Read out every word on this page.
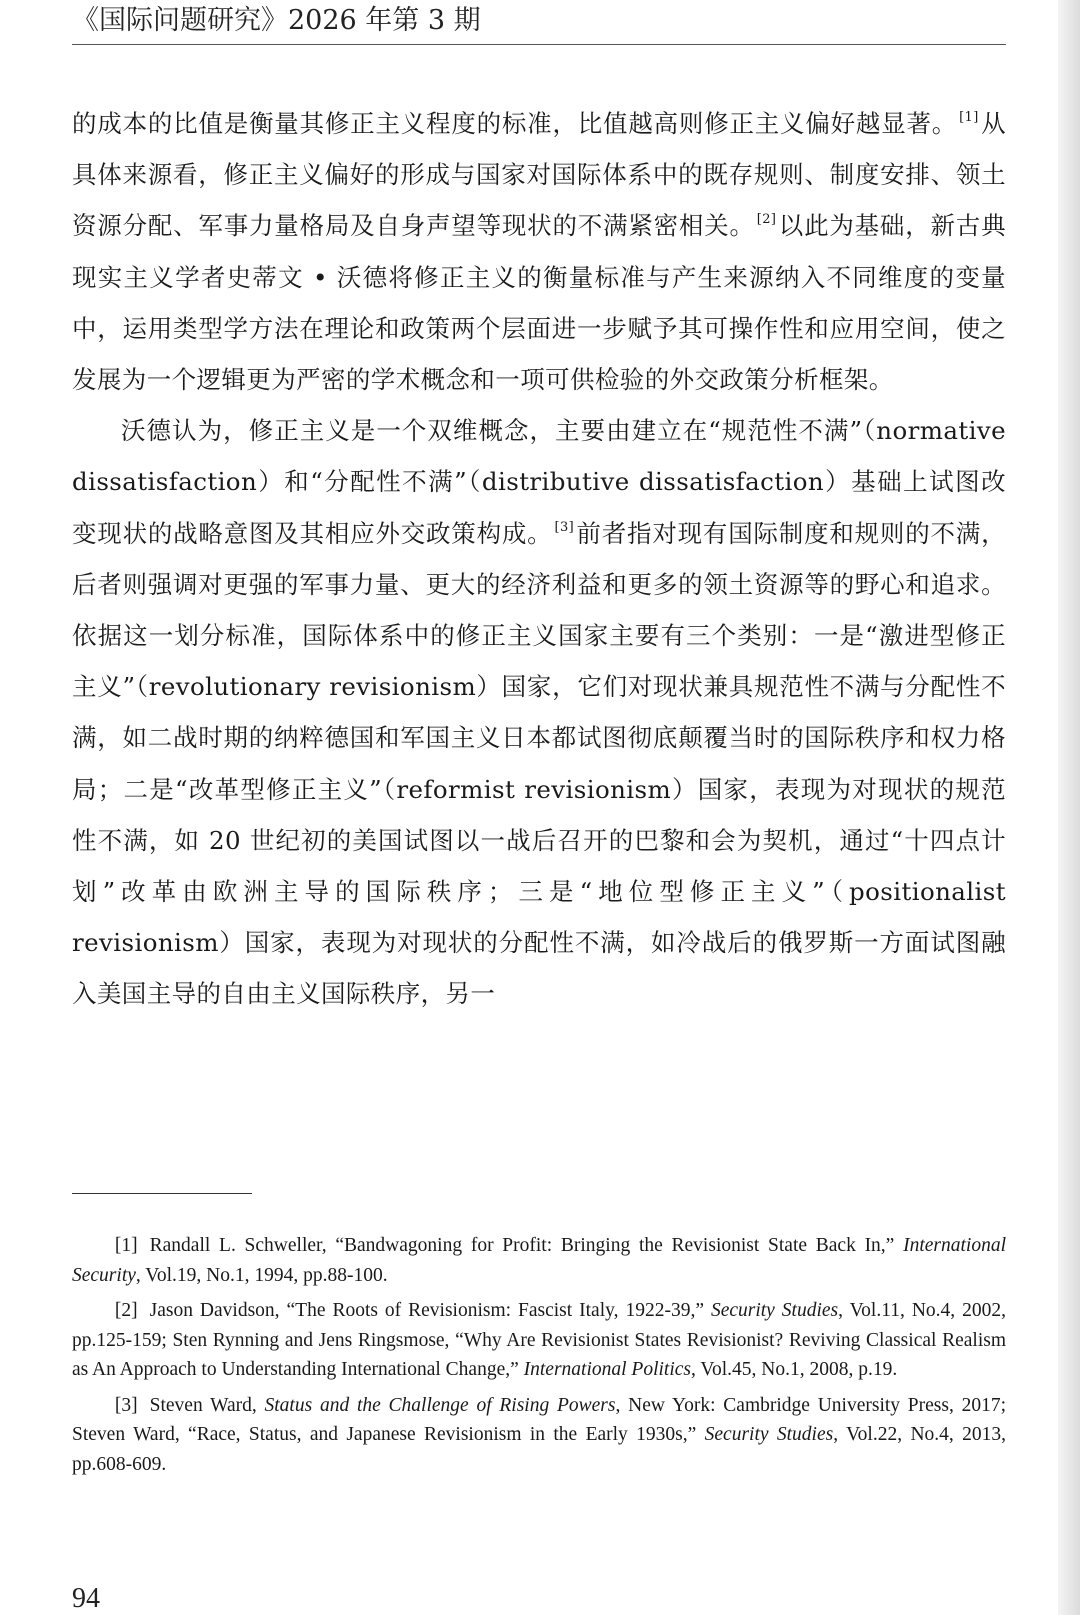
《国际问题研究》2026 年第 3 期

的成本的比值是衡量其修正主义程度的标准，比值越高则修正主义偏好越显著。 [1]从具体来源看，修正主义偏好的形成与国家对国际体系中的既存规则、制度安排、领土资源分配、军事力量格局及自身声望等现状的不满紧密相关。 [2]以此为基础，新古典现实主义学者史蒂文 • 沃德将修正主义的衡量标准与产生来源纳入不同维度的变量中，运用类型学方法在理论和政策两个层面进一步赋予其可操作性和应用空间，使之发展为一个逻辑更为严密的学术概念和一项可供检验的外交政策分析框架。

沃德认为，修正主义是一个双维概念，主要由建立在“规范性不满”（normative dissatisfaction）和“分配性不满”（distributive dissatisfaction）基础上试图改变现状的战略意图及其相应外交政策构成。 [3]前者指对现有国际制度和规则的不满，后者则强调对更强的军事力量、更大的经济利益和更多的领土资源等的野心和追求。依据这一划分标准，国际体系中的修正主义国家主要有三个类别：一是“激进型修正主义”（revolutionary revisionism）国家，它们对现状兼具规范性不满与分配性不满，如二战时期的纳粹德国和军国主义日本都试图彻底颠覆当时的国际秩序和权力格局；二是“改革型修正主义”（reformist revisionism）国家，表现为对现状的规范性不满，如 20 世纪初的美国试图以一战后召开的巴黎和会为契机，通过“十四点计划”改革由欧洲主导的国际秩序；三是“地位型修正主义”（positionalist revisionism）国家，表现为对现状的分配性不满，如冷战后的俄罗斯一方面试图融入美国主导的自由主义国际秩序，另一

[1] Randall L. Schweller, “Bandwagoning for Profit: Bringing the Revisionist State Back In,” International Security, Vol.19, No.1, 1994, pp.88-100.

[2] Jason Davidson, “The Roots of Revisionism: Fascist Italy, 1922-39,” Security Studies, Vol.11, No.4, 2002, pp.125-159; Sten Rynning and Jens Ringsmose, “Why Are Revisionist States Revisionist? Reviving Classical Realism as An Approach to Understanding International Change,” International Politics, Vol.45, No.1, 2008, p.19.

[3] Steven Ward, Status and the Challenge of Rising Powers, New York: Cambridge University Press, 2017; Steven Ward, “Race, Status, and Japanese Revisionism in the Early 1930s,” Security Studies, Vol.22, No.4, 2013, pp.608-609.

94
